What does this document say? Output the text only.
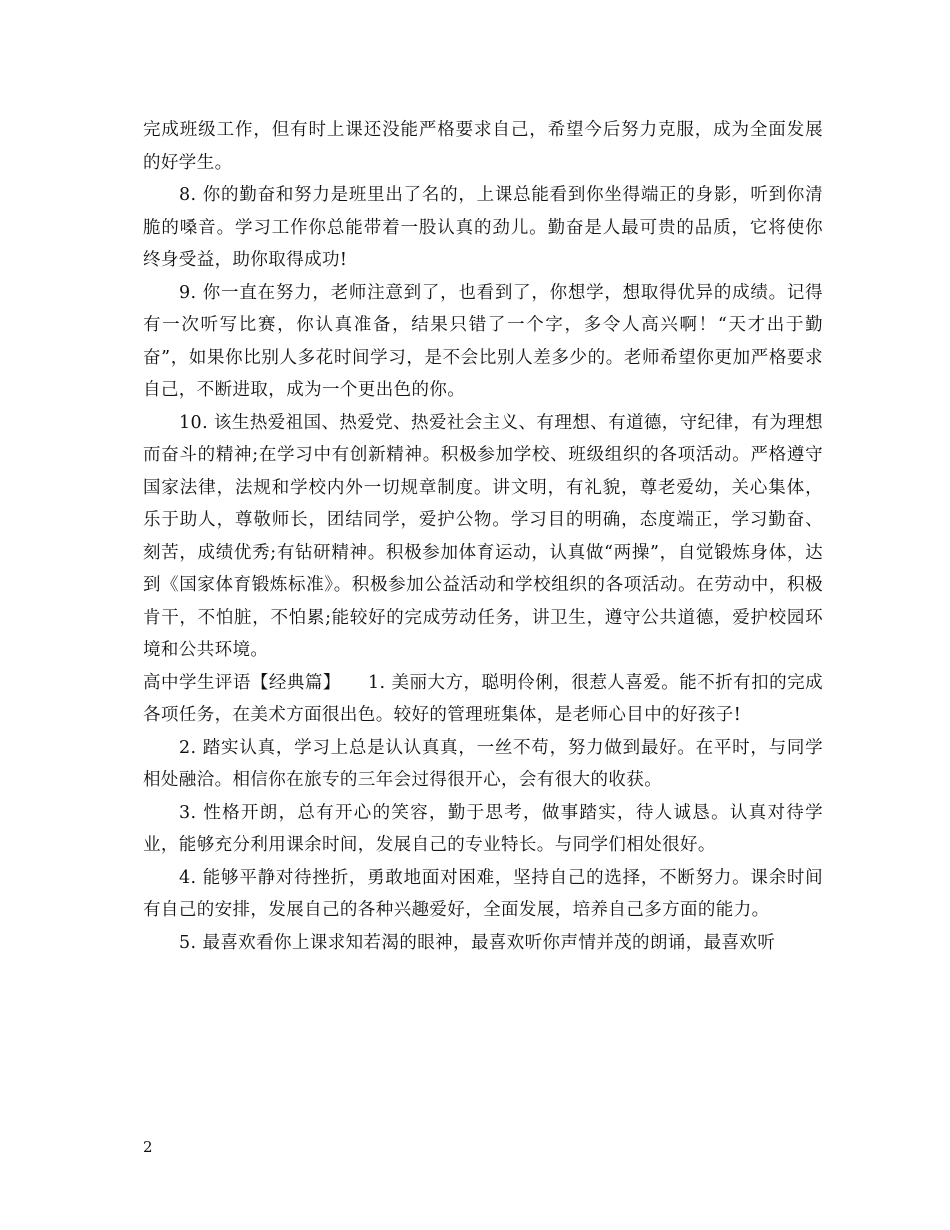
完成班级工作，但有时上课还没能严格要求自己，希望今后努力克服，成为全面发展的好学生。

8. 你的勤奋和努力是班里出了名的，上课总能看到你坐得端正的身影，听到你清脆的嗓音。学习工作你总能带着一股认真的劲儿。勤奋是人最可贵的品质，它将使你终身受益，助你取得成功!

9. 你一直在努力，老师注意到了，也看到了，你想学，想取得优异的成绩。记得有一次听写比赛，你认真准备，结果只错了一个字，多令人高兴啊！“天才出于勤奋”，如果你比别人多花时间学习，是不会比别人差多少的。老师希望你更加严格要求自己，不断进取，成为一个更出色的你。

10. 该生热爱祖国、热爱党、热爱社会主义、有理想、有道德，守纪律，有为理想而奋斗的精神;在学习中有创新精神。积极参加学校、班级组织的各项活动。严格遵守国家法律，法规和学校内外一切规章制度。讲文明，有礼貌，尊老爱幼，关心集体，乐于助人，尊敬师长，团结同学，爱护公物。学习目的明确，态度端正，学习勤奋、刻苦，成绩优秀;有钻研精神。积极参加体育运动，认真做“两操”，自觉锻炼身体，达到《国家体育锻炼标准》。积极参加公益活动和学校组织的各项活动。在劳动中，积极肯干，不怕脏，不怕累;能较好的完成劳动任务，讲卫生，遵守公共道德，爱护校园环境和公共环境。

高中学生评语【经典篇】　　1. 美丽大方，聪明伶俐，很惹人喜爱。能不折有扣的完成各项任务，在美术方面很出色。较好的管理班集体，是老师心目中的好孩子!

2. 踏实认真，学习上总是认认真真，一丝不苟，努力做到最好。在平时，与同学相处融洽。相信你在旅专的三年会过得很开心，会有很大的收获。

3. 性格开朗，总有开心的笑容，勤于思考，做事踏实，待人诚恳。认真对待学业，能够充分利用课余时间，发展自己的专业特长。与同学们相处很好。

4. 能够平静对待挫折，勇敢地面对困难，坚持自己的选择，不断努力。课余时间有自己的安排，发展自己的各种兴趣爱好，全面发展，培养自己多方面的能力。

5. 最喜欢看你上课求知若渴的眼神，最喜欢听你声情并茂的朗诵，最喜欢听

2
